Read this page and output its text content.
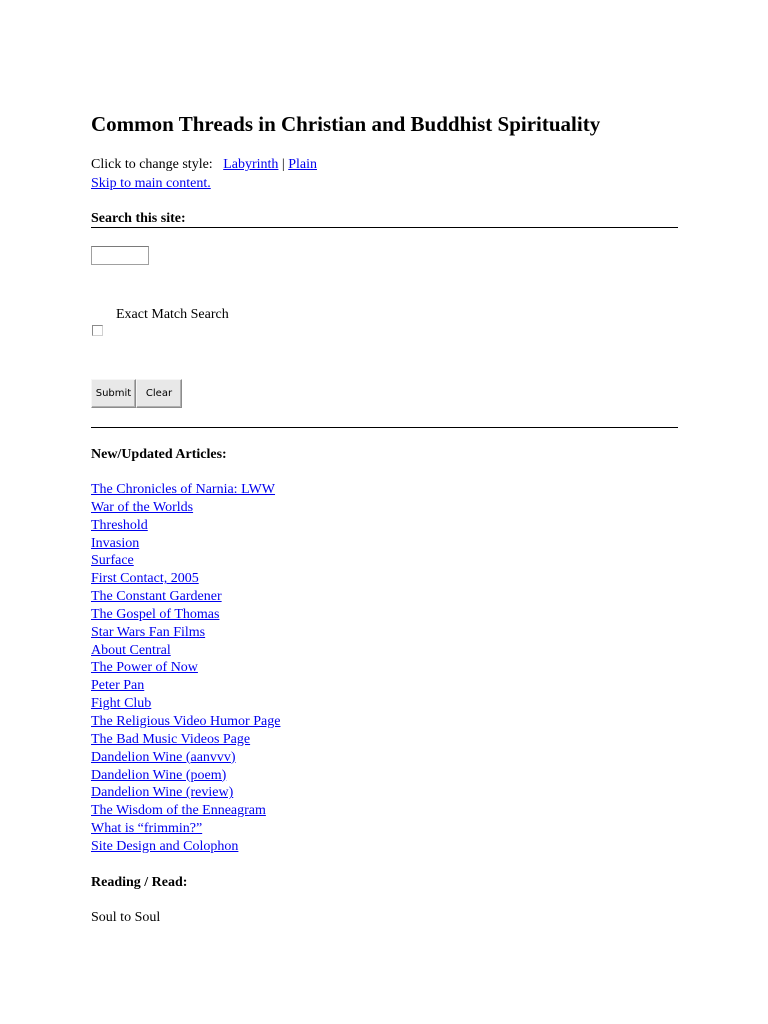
Common Threads in Christian and Buddhist Spirituality
Click to change style: Labyrinth | Plain
Skip to main content.
Search this site:
Exact Match Search
Submit Clear
New/Updated Articles:
The Chronicles of Narnia: LWW
War of the Worlds
Threshold
Invasion
Surface
First Contact, 2005
The Constant Gardener
The Gospel of Thomas
Star Wars Fan Films
About Central
The Power of Now
Peter Pan
Fight Club
The Religious Video Humor Page
The Bad Music Videos Page
Dandelion Wine (aanvvv)
Dandelion Wine (poem)
Dandelion Wine (review)
The Wisdom of the Enneagram
What is “frimmin?”
Site Design and Colophon
Reading / Read:
Soul to Soul
